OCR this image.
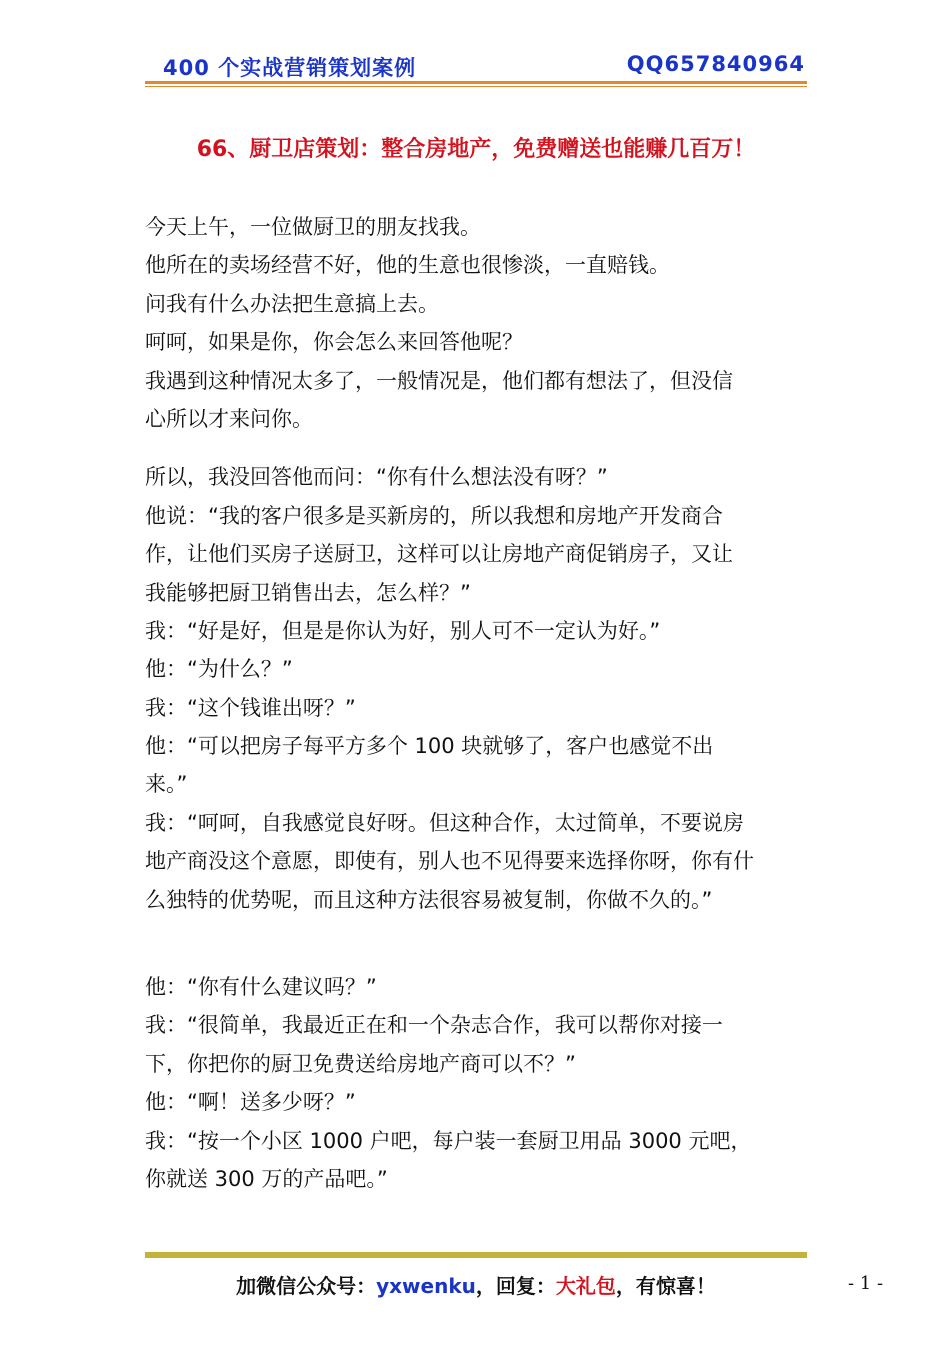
400 个实战营销策划案例	QQ657840964
66、厨卫店策划：整合房地产，免费赠送也能赚几百万！
今天上午，一位做厨卫的朋友找我。
他所在的卖场经营不好，他的生意也很惨淡，一直赔钱。
问我有什么办法把生意搞上去。
呵呵，如果是你，你会怎么来回答他呢？
我遇到这种情况太多了，一般情况是，他们都有想法了，但没信
心所以才来问你。
所以，我没回答他而问：“你有什么想法没有呀？”
他说：“我的客户很多是买新房的，所以我想和房地产开发商合
作，让他们买房子送厨卫，这样可以让房地产商促销房子，又让
我能够把厨卫销售出去，怎么样？”
我：“好是好，但是是你认为好，别人可不一定认为好。”
他：“为什么？”
我：“这个钱谁出呀？”
他：“可以把房子每平方多个 100 块就够了，客户也感觉不出
来。”
我：“呵呵，自我感觉良好呀。但这种合作，太过简单，不要说房
地产商没这个意愿，即使有，别人也不见得要来选择你呀，你有什
么独特的优势呢，而且这种方法很容易被复制，你做不久的。”
他：“你有什么建议吗？”
我：“很简单，我最近正在和一个杂志合作，我可以帮你对接一
下，你把你的厨卫免费送给房地产商可以不？”
他：“啊！送多少呀？”
我：“按一个小区 1000 户吧，每户装一套厨卫用品 3000 元吧，
你就送 300 万的产品吧。”
加微信公众号：yxwenku，回复：大礼包，有惊喜！	- 1 -
